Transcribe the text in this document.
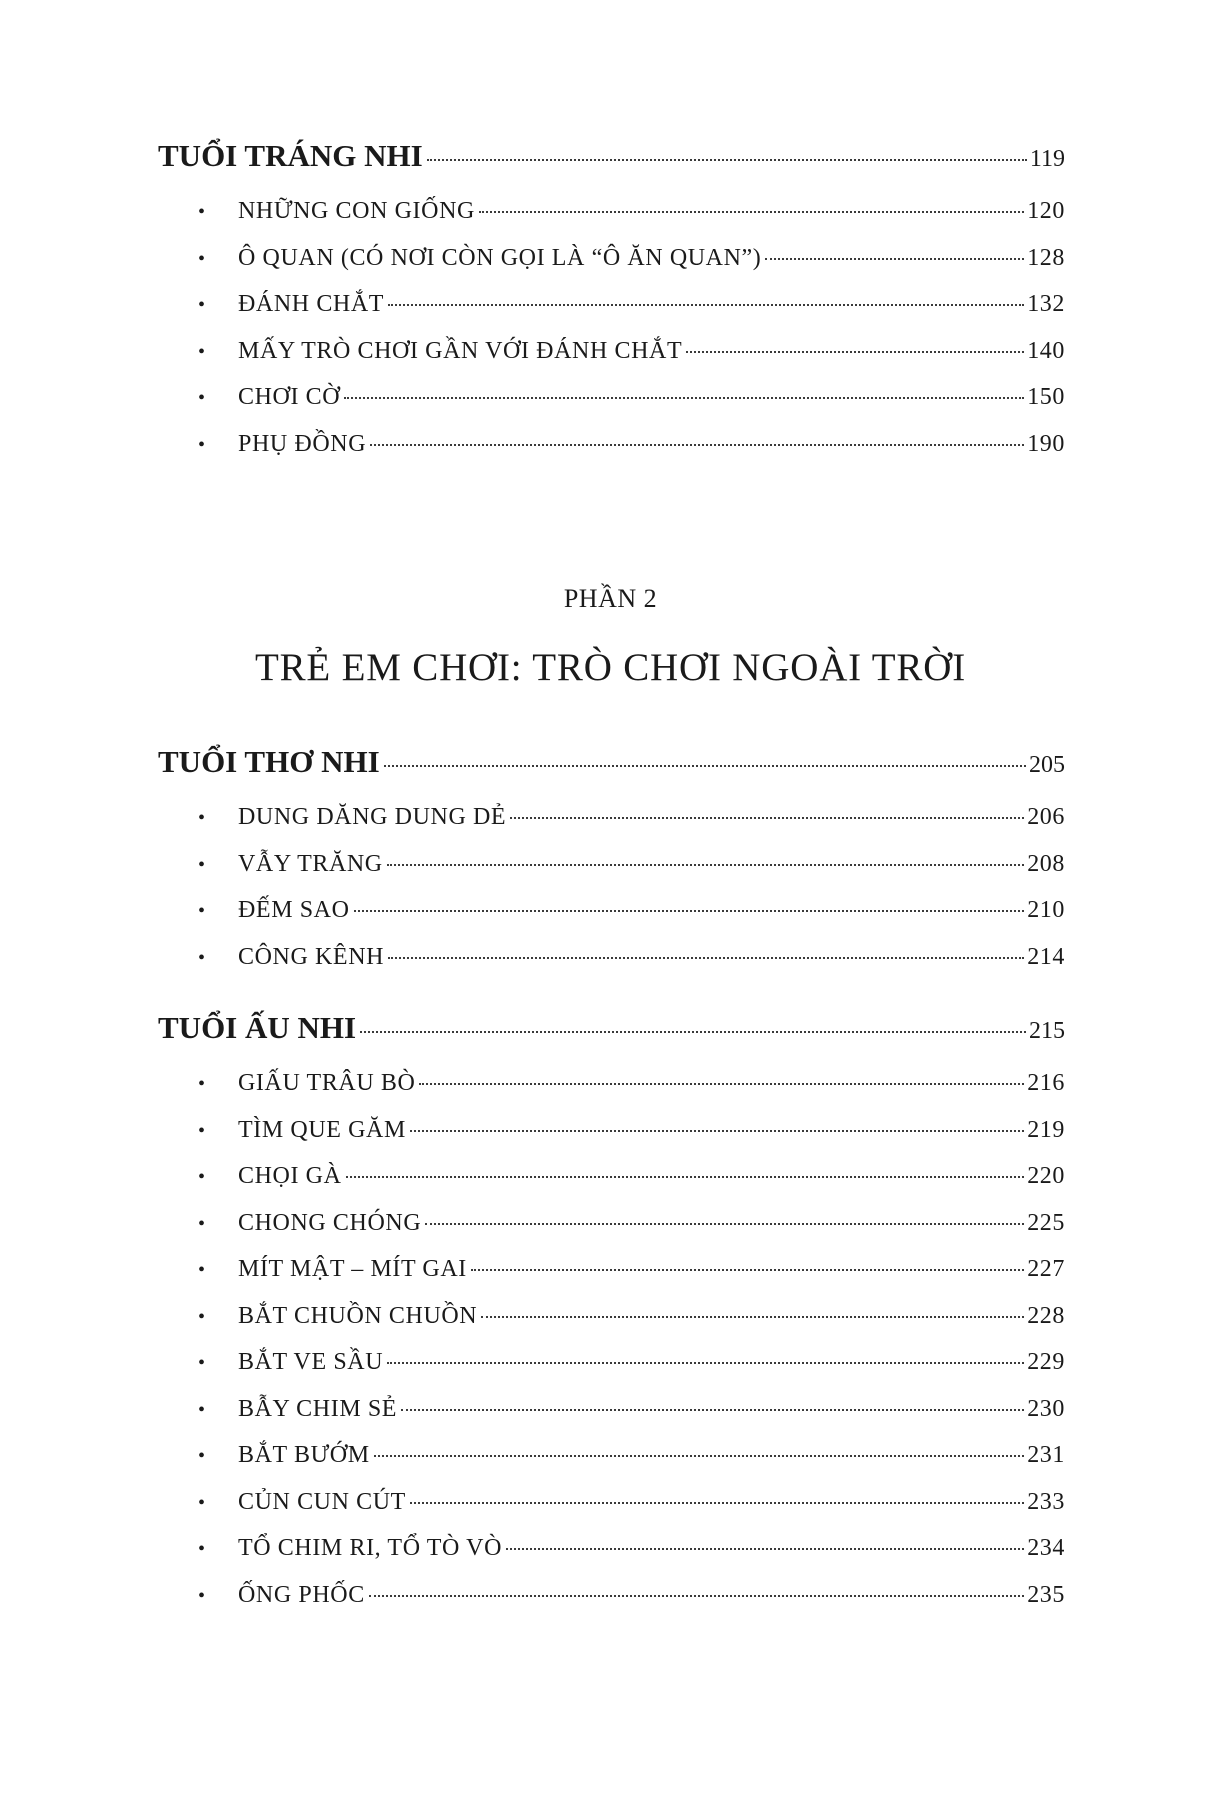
TUỔI TRÁNG NHI	119
•	NHỮNG CON GIỐNG	120
•	Ô QUAN (CÓ NƠI CÒN GỌI LÀ “Ô ĂN QUAN”)	128
•	ĐÁNH CHẮT	132
•	MẤY TRÒ CHƠI GẦN VỚI ĐÁNH CHẮT	140
•	CHƠI CỜ	150
•	PHỤ ĐỒNG	190
PHẦN 2
TRẺ EM CHƠI: TRÒ CHƠI NGOÀI TRỜI
TUỔI THƠ NHI	205
•	DUNG DĂNG DUNG DẺ	206
•	VẪY TRĂNG	208
•	ĐẾM SAO	210
•	CÔNG KÊNH	214
TUỔI ẤU NHI	215
•	GIẤU TRÂU BÒ	216
•	TÌM QUE GĂM	219
•	CHỌI GÀ	220
•	CHONG CHÓNG	225
•	MÍT MẬT – MÍT GAI	227
•	BẮT CHUỒN CHUỒN	228
•	BẮT VE SẦU	229
•	BẪY CHIM SẺ	230
•	BẮT BƯỚM	231
•	CỦN CUN CÚT	233
•	TỔ CHIM RI, TỔ TÒ VÒ	234
•	ỐNG PHỐC	235
